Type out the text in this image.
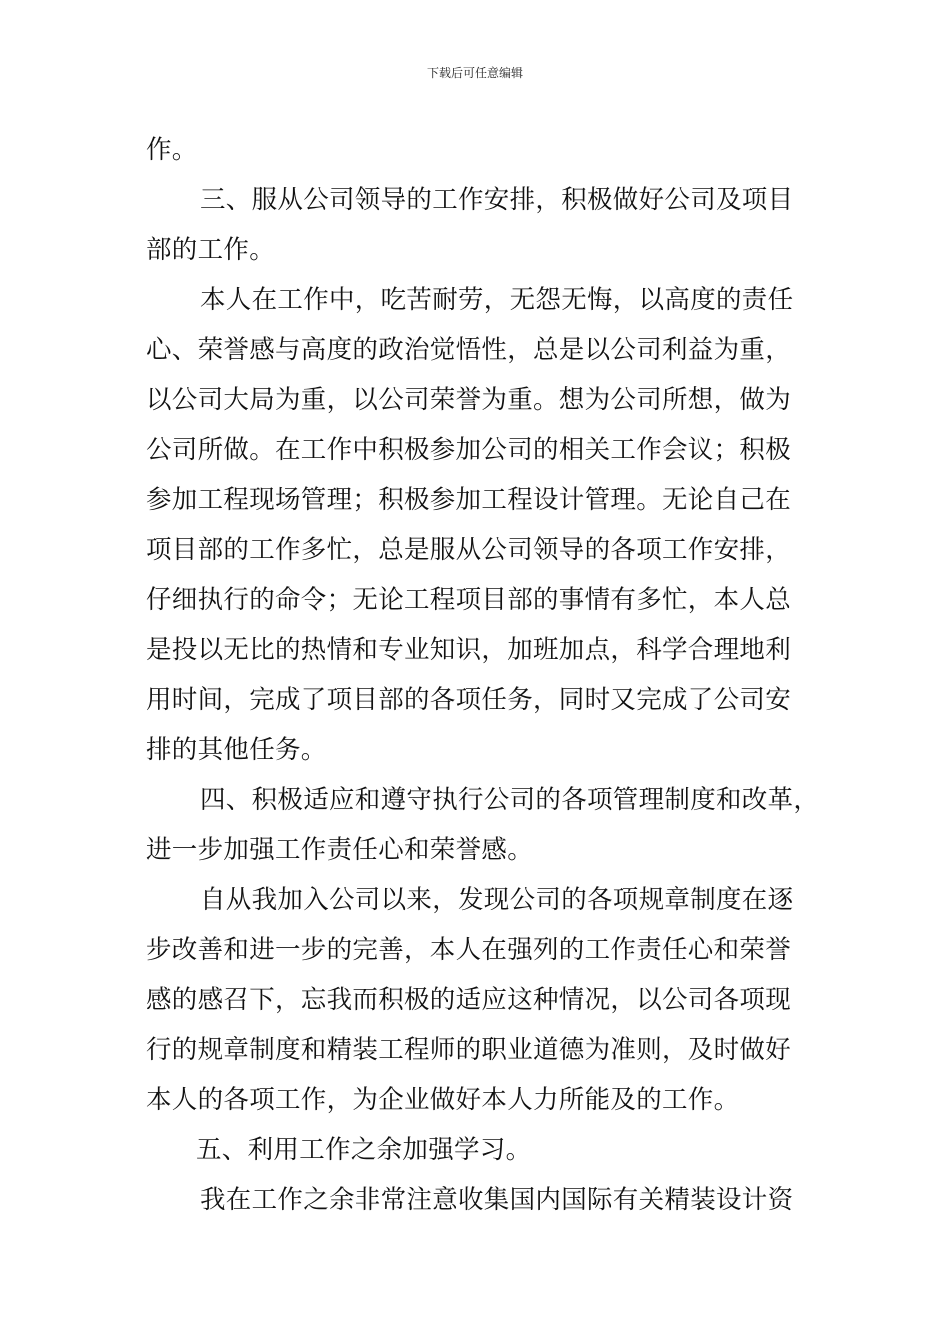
下载后可任意编辑
作。
三、服从公司领导的工作安排，积极做好公司及项目
部的工作。
本人在工作中，吃苦耐劳，无怨无悔，以高度的责任
心、荣誉感与高度的政治觉悟性，总是以公司利益为重，
以公司大局为重，以公司荣誉为重。想为公司所想，做为
公司所做。在工作中积极参加公司的相关工作会议；积极
参加工程现场管理；积极参加工程设计管理。无论自己在
项目部的工作多忙，总是服从公司领导的各项工作安排，
仔细执行的命令；无论工程项目部的事情有多忙，本人总
是投以无比的热情和专业知识，加班加点，科学合理地利
用时间，完成了项目部的各项任务，同时又完成了公司安
排的其他任务。
四、积极适应和遵守执行公司的各项管理制度和改革，
进一步加强工作责任心和荣誉感。
自从我加入公司以来，发现公司的各项规章制度在逐
步改善和进一步的完善，本人在强列的工作责任心和荣誉
感的感召下，忘我而积极的适应这种情况，以公司各项现
行的规章制度和精装工程师的职业道德为准则，及时做好
本人的各项工作，为企业做好本人力所能及的工作。
五、利用工作之余加强学习。
我在工作之余非常注意收集国内国际有关精装设计资
